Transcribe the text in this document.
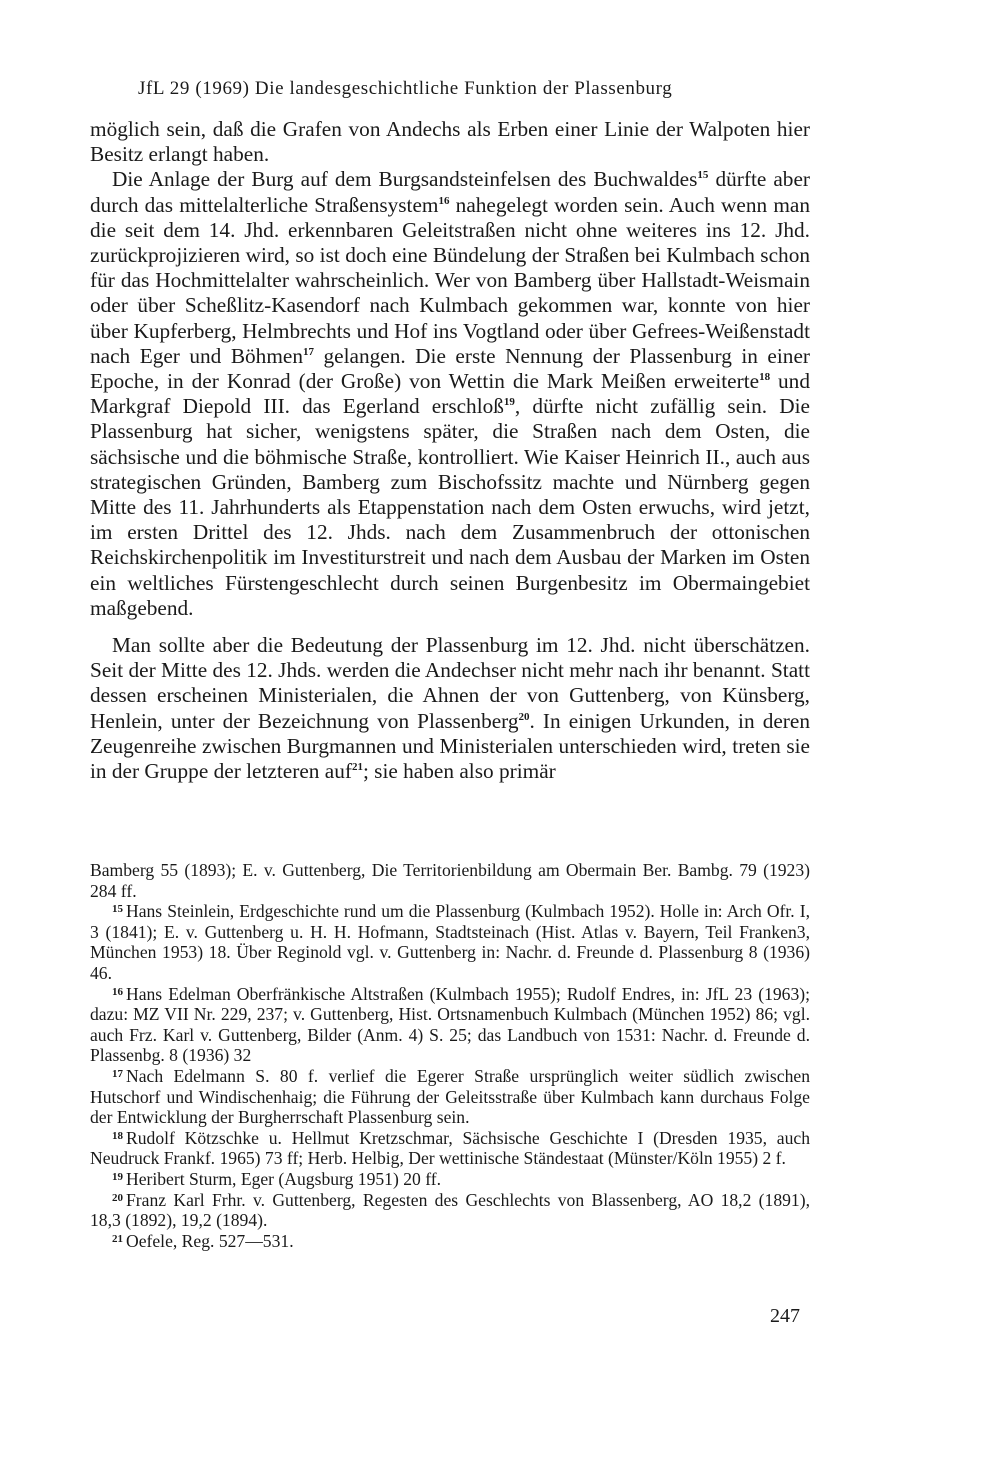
JfL 29 (1969) Die landesgeschichtliche Funktion der Plassenburg

möglich sein, daß die Grafen von Andechs als Erben einer Linie der Walpoten hier Besitz erlangt haben.

Die Anlage der Burg auf dem Burgsandsteinfelsen des Buchwaldes$^{15}$ dürfte aber durch das mittelalterliche Straßensystem$^{16}$ nahegelegt worden sein. Auch wenn man die seit dem 14. Jhd. erkennbaren Geleitstraßen nicht ohne weiteres ins 12. Jhd. zurückprojizieren wird, so ist doch eine Bündelung der Straßen bei Kulmbach schon für das Hochmittelalter wahrscheinlich. Wer von Bamberg über Hallstadt-Weismain oder über Scheßlitz-Kasendorf nach Kulmbach gekommen war, konnte von hier über Kupferberg, Helmbrechts und Hof ins Vogtland oder über Gefrees-Weißenstadt nach Eger und Böhmen$^{17}$ gelangen. Die erste Nennung der Plassenburg in einer Epoche, in der Konrad (der Große) von Wettin die Mark Meißen erweiterte$^{18}$ und Markgraf Diepold III. das Egerland erschloß$^{19}$, dürfte nicht zufällig sein. Die Plassenburg hat sicher, wenigstens später, die Straßen nach dem Osten, die sächsische und die böhmische Straße, kontrolliert. Wie Kaiser Heinrich II., auch aus strategischen Gründen, Bamberg zum Bischofssitz machte und Nürnberg gegen Mitte des 11. Jahrhunderts als Etappenstation nach dem Osten erwuchs, wird jetzt, im ersten Drittel des 12. Jhds. nach dem Zusammenbruch der ottonischen Reichskirchenpolitik im Investiturstreit und nach dem Ausbau der Marken im Osten ein weltliches Fürstengeschlecht durch seinen Burgenbesitz im Obermaingebiet maßgebend.

Man sollte aber die Bedeutung der Plassenburg im 12. Jhd. nicht überschätzen. Seit der Mitte des 12. Jhds. werden die Andechser nicht mehr nach ihr benannt. Statt dessen erscheinen Ministerialen, die Ahnen der von Guttenberg, von Künsberg, Henlein, unter der Bezeichnung von Plassenberg$^{20}$. In einigen Urkunden, in deren Zeugenreihe zwischen Burgmannen und Ministerialen unterschieden wird, treten sie in der Gruppe der letzteren auf$^{21}$; sie haben also primär

Bamberg 55 (1893); E. v. Guttenberg, Die Territorienbildung am Obermain Ber. Bambg. 79 (1923) 284 ff.

$^{15}$ Hans Steinlein, Erdgeschichte rund um die Plassenburg (Kulmbach 1952). Holle in: Arch Ofr. I, 3 (1841); E. v. Guttenberg u. H. H. Hofmann, Stadtsteinach (Hist. Atlas v. Bayern, Teil Franken3, München 1953) 18. Über Reginold vgl. v. Guttenberg in: Nachr. d. Freunde d. Plassenburg 8 (1936) 46.

$^{16}$ Hans Edelman Oberfränkische Altstraßen (Kulmbach 1955); Rudolf Endres, in: JfL 23 (1963); dazu: MZ VII Nr. 229, 237; v. Guttenberg, Hist. Ortsnamenbuch Kulmbach (München 1952) 86; vgl. auch Frz. Karl v. Guttenberg, Bilder (Anm. 4) S. 25; das Landbuch von 1531: Nachr. d. Freunde d. Plassenbg. 8 (1936) 32

$^{17}$ Nach Edelmann S. 80 f. verlief die Egerer Straße ursprünglich weiter südlich zwischen Hutschorf und Windischenhaig; die Führung der Geleitsstraße über Kulmbach kann durchaus Folge der Entwicklung der Burgherrschaft Plassenburg sein.

$^{18}$ Rudolf Kötzschke u. Hellmut Kretzschmar, Sächsische Geschichte I (Dresden 1935, auch Neudruck Frankf. 1965) 73 ff; Herb. Helbig, Der wettinische Ständestaat (Münster/Köln 1955) 2 f.

$^{19}$ Heribert Sturm, Eger (Augsburg 1951) 20 ff.

$^{20}$ Franz Karl Frhr. v. Guttenberg, Regesten des Geschlechts von Blassenberg, AO 18,2 (1891), 18,3 (1892), 19,2 (1894).

$^{21}$ Oefele, Reg. 527—531.

247
